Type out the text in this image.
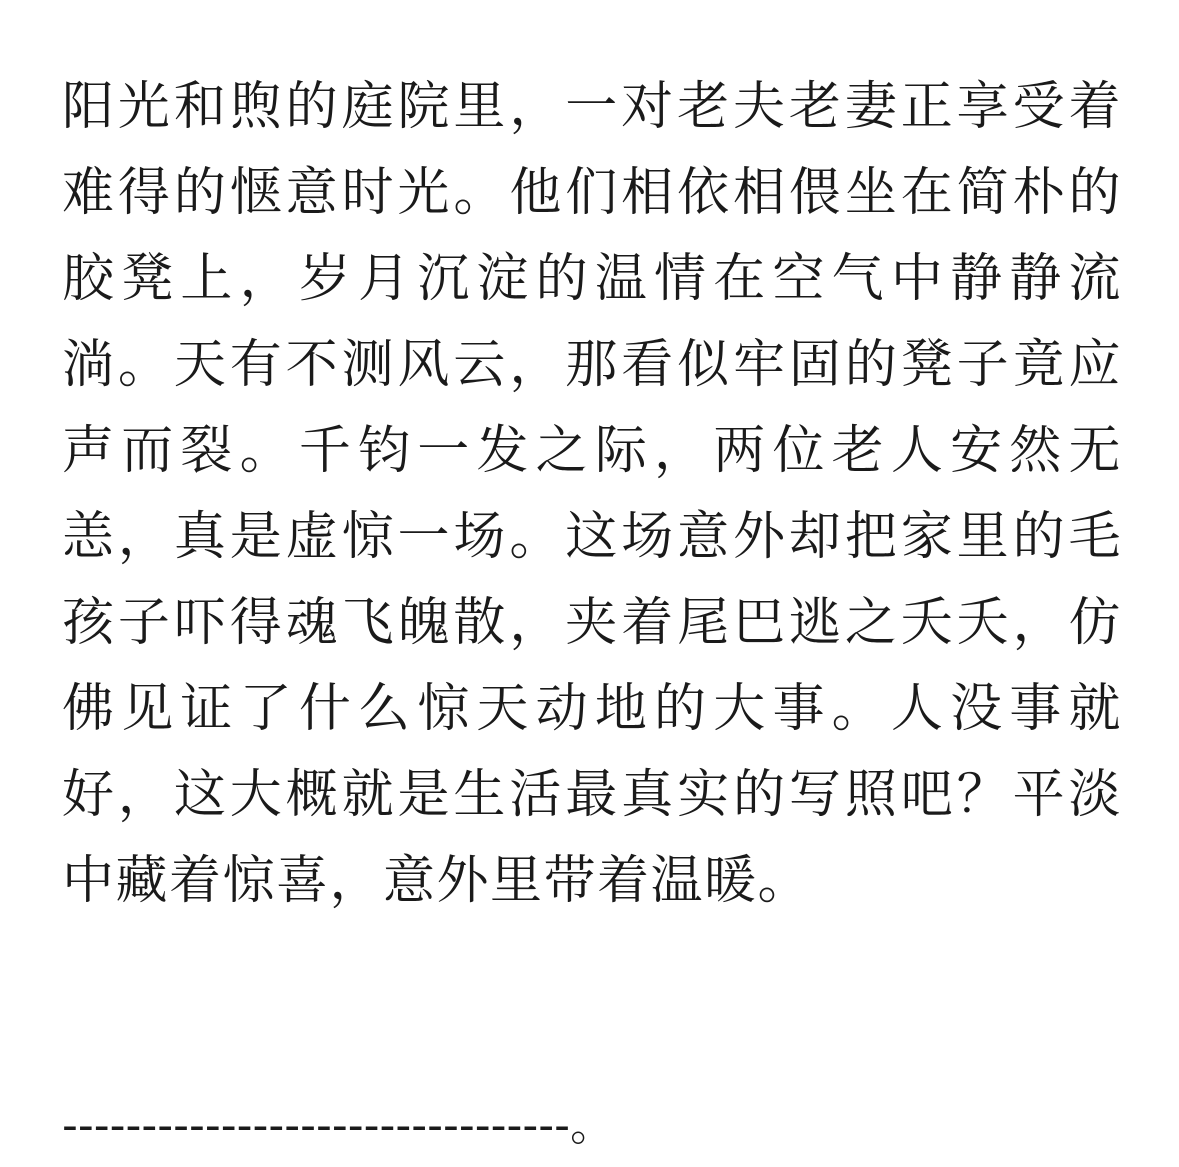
阳光和煦的庭院里，一对老夫老妻正享受着难得的惬意时光。他们相依相偎坐在简朴的胶凳上，岁月沉淀的温情在空气中静静流淌。天有不测风云，那看似牢固的凳子竟应声而裂。千钧一发之际，两位老人安然无恙，真是虚惊一场。这场意外却把家里的毛孩子吓得魂飞魄散，夹着尾巴逃之夭夭，仿佛见证了什么惊天动地的大事。人没事就好，这大概就是生活最真实的写照吧？平淡中藏着惊喜，意外里带着温暖。

--------------------------------。
